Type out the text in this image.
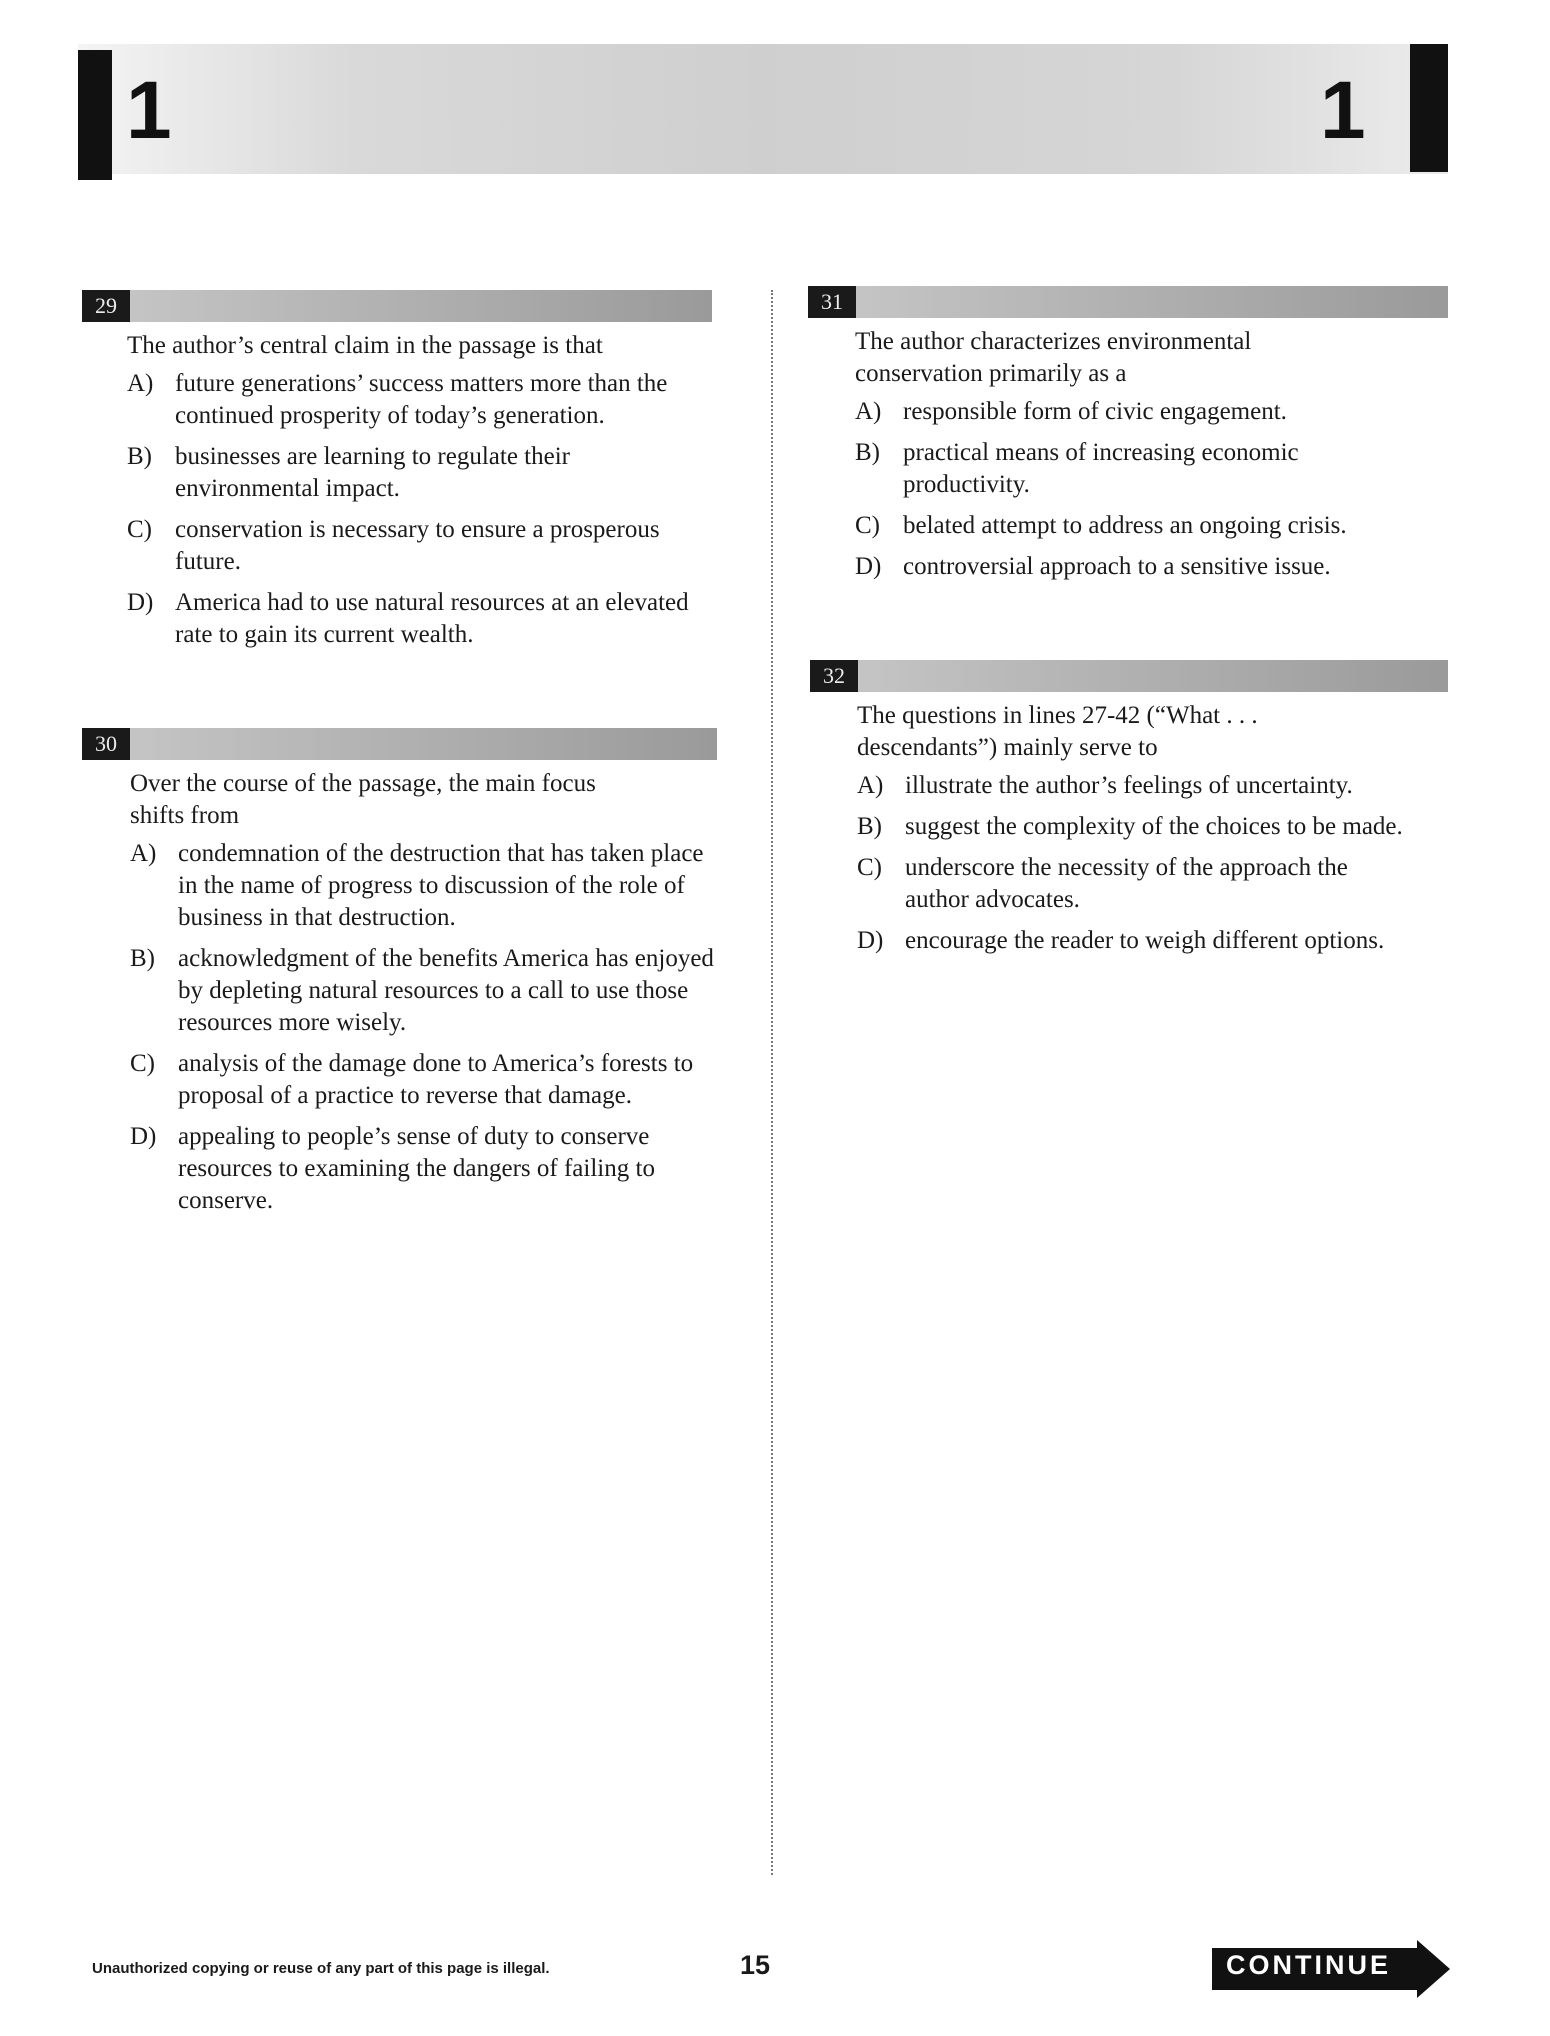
1	1
29
The author’s central claim in the passage is that
A) future generations’ success matters more than the continued prosperity of today’s generation.
B) businesses are learning to regulate their environmental impact.
C) conservation is necessary to ensure a prosperous future.
D) America had to use natural resources at an elevated rate to gain its current wealth.
30
Over the course of the passage, the main focus shifts from
A) condemnation of the destruction that has taken place in the name of progress to discussion of the role of business in that destruction.
B) acknowledgment of the benefits America has enjoyed by depleting natural resources to a call to use those resources more wisely.
C) analysis of the damage done to America’s forests to proposal of a practice to reverse that damage.
D) appealing to people’s sense of duty to conserve resources to examining the dangers of failing to conserve.
31
The author characterizes environmental conservation primarily as a
A) responsible form of civic engagement.
B) practical means of increasing economic productivity.
C) belated attempt to address an ongoing crisis.
D) controversial approach to a sensitive issue.
32
The questions in lines 27-42 (“What . . . descendants”) mainly serve to
A) illustrate the author’s feelings of uncertainty.
B) suggest the complexity of the choices to be made.
C) underscore the necessity of the approach the author advocates.
D) encourage the reader to weigh different options.
Unauthorized copying or reuse of any part of this page is illegal.	15	CONTINUE
